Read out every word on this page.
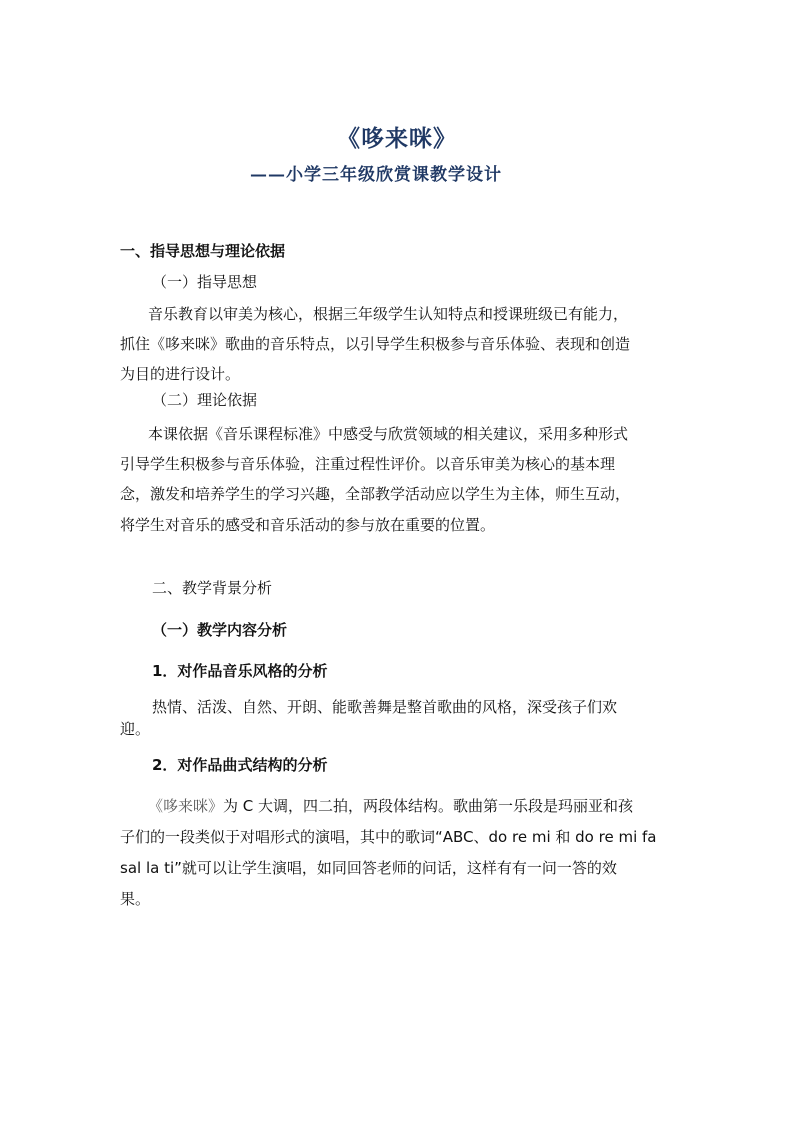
《哆来咪》
——小学三年级欣赏课教学设计
一、指导思想与理论依据
（一）指导思想
音乐教育以审美为核心，根据三年级学生认知特点和授课班级已有能力，
抓住《哆来咪》歌曲的音乐特点，以引导学生积极参与音乐体验、表现和创造
为目的进行设计。
（二）理论依据
本课依据《音乐课程标准》中感受与欣赏领域的相关建议，采用多种形式
引导学生积极参与音乐体验，注重过程性评价。以音乐审美为核心的基本理
念，激发和培养学生的学习兴趣，全部教学活动应以学生为主体，师生互动，
将学生对音乐的感受和音乐活动的参与放在重要的位置。
二、教学背景分析
（一）教学内容分析
1．对作品音乐风格的分析
热情、活泼、自然、开朗、能歌善舞是整首歌曲的风格，深受孩子们欢
迎。
2．对作品曲式结构的分析
《哆来咪》为 C 大调，四二拍，两段体结构。歌曲第一乐段是玛丽亚和孩
子们的一段类似于对唱形式的演唱，其中的歌词“ABC、do re mi 和 do re mi fa
sal la ti”就可以让学生演唱，如同回答老师的问话，这样有有一问一答的效
果。
